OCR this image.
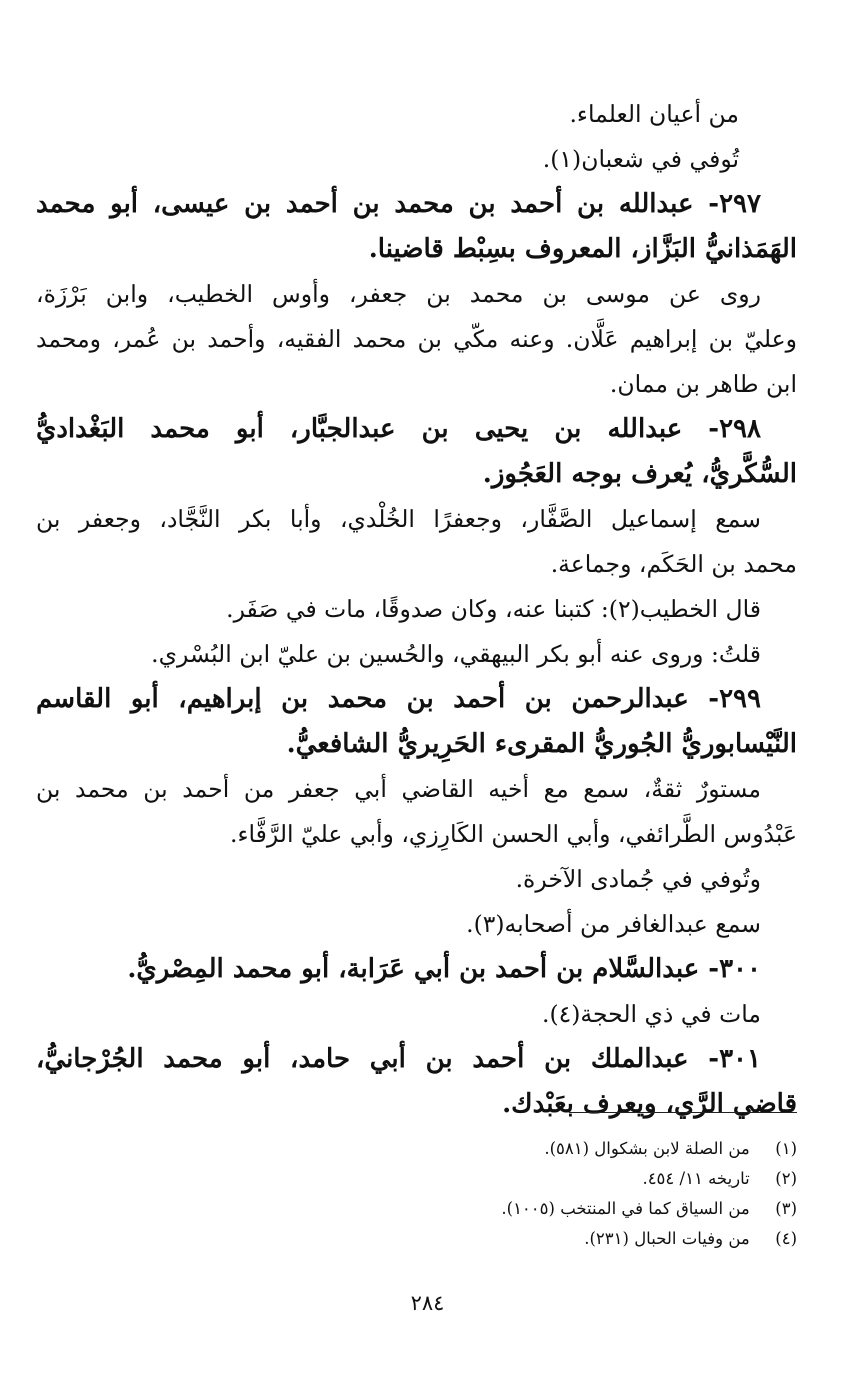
من أعيان العلماء.
تُوفي في شعبان(١).
٢٩٧- عبدالله بن أحمد بن محمد بن أحمد بن عيسى، أبو محمد
الهَمَذانيُّ البَزَّاز، المعروف بسِبْط قاضينا.
روى عن موسى بن محمد بن جعفر، وأوس الخطيب، وابن بَرْزَة،
وعليّ بن إبراهيم عَلَّان. وعنه مكّي بن محمد الفقيه، وأحمد بن عُمر، ومحمد
ابن طاهر بن ممان.
٢٩٨- عبدالله بن يحيى بن عبدالجبَّار، أبو محمد البَغْداديُّ
السُّكَّريُّ، يُعرف بوجه العَجُوز.
سمع إسماعيل الصَّفَّار، وجعفرًا الخُلْدي، وأبا بكر النَّجَّاد، وجعفر بن
محمد بن الحَكَم، وجماعة.
قال الخطيب(٢): كتبنا عنه، وكان صدوقًا، مات في صَفَر.
قلتُ: وروى عنه أبو بكر البيهقي، والحُسين بن عليّ ابن البُسْري.
٢٩٩- عبدالرحمن بن أحمد بن محمد بن إبراهيم، أبو القاسم
النَّيْسابوريُّ الجُوريُّ المقرىء الحَرِيريُّ الشافعيُّ.
مستورٌ ثقةٌ، سمع مع أخيه القاضي أبي جعفر من أحمد بن محمد بن
عَبْدُوس الطَّرائفي، وأبي الحسن الكَارِزي، وأبي عليّ الرَّفَّاء.
وتُوفي في جُمادى الآخرة.
سمع عبدالغافر من أصحابه(٣).
٣٠٠- عبدالسَّلام بن أحمد بن أبي عَرَابة، أبو محمد المِصْريُّ.
مات في ذي الحجة(٤).
٣٠١- عبدالملك بن أحمد بن أبي حامد، أبو محمد الجُرْجانيُّ،
قاضي الرَّي، ويعرف بعَبْدك.
(١) من الصلة لابن بشكوال (٥٨١).
(٢) تاريخه ١١/ ٤٥٤.
(٣) من السياق كما في المنتخب (١٠٠٥).
(٤) من وفيات الحبال (٢٣١).
٢٨٤
